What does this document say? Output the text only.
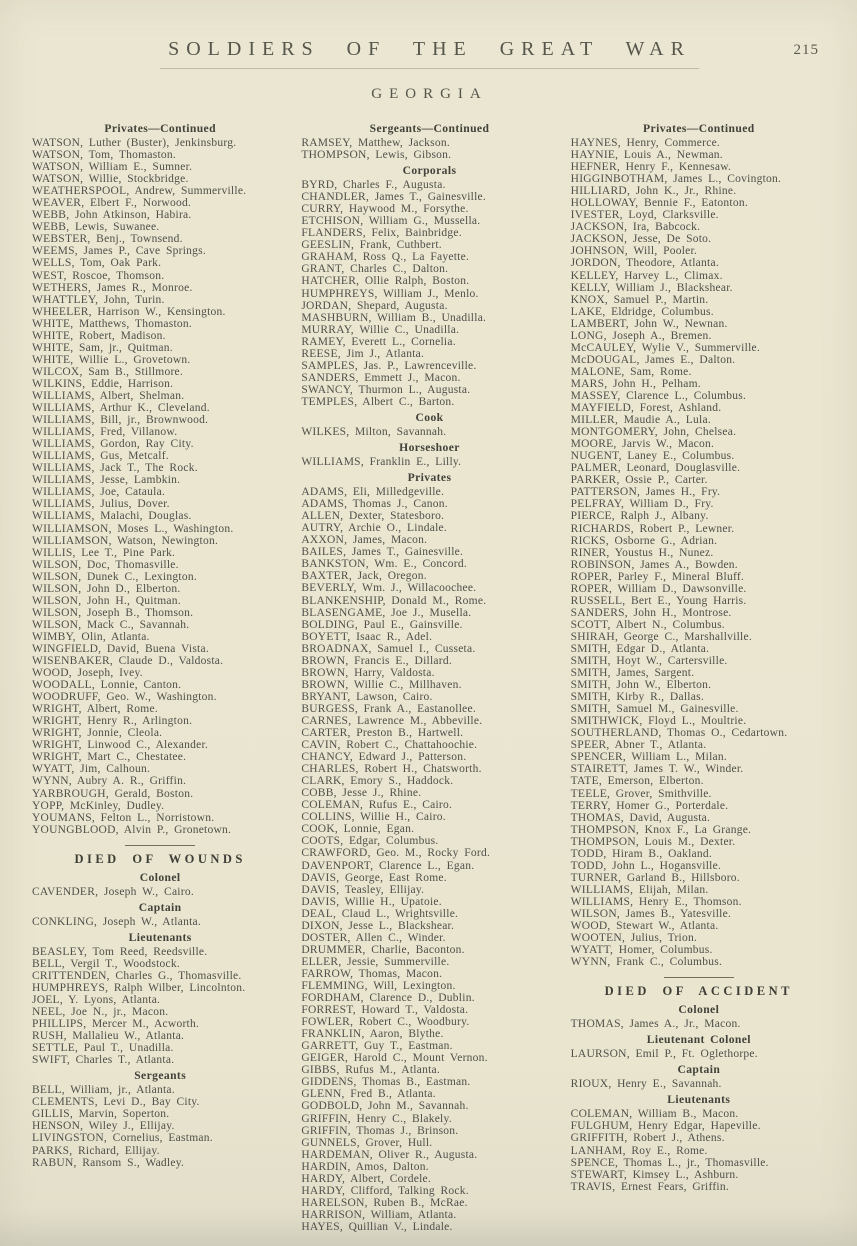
SOLDIERS OF THE GREAT WAR	215
GEORGIA
Privates—Continued
WATSON, Luther (Buster), Jenkinsburg.
WATSON, Tom, Thomaston.
WATSON, William E., Sumner.
WATSON, Willie, Stockbridge.
WEATHERSPOOL, Andrew, Summerville.
WEAVER, Elbert F., Norwood.
WEBB, John Atkinson, Habira.
WEBB, Lewis, Suwanee.
WEBSTER, Benj., Townsend.
WEEMS, James P., Cave Springs.
WELLS, Tom, Oak Park.
WEST, Roscoe, Thomson.
WETHERS, James R., Monroe.
WHATTLEY, John, Turin.
WHEELER, Harrison W., Kensington.
WHITE, Matthews, Thomaston.
WHITE, Robert, Madison.
WHITE, Sam, jr., Quitman.
WHITE, Willie L., Grovetown.
WILCOX, Sam B., Stillmore.
WILKINS, Eddie, Harrison.
WILLIAMS, Albert, Shelman.
WILLIAMS, Arthur K., Cleveland.
WILLIAMS, Bill, jr., Brownwood.
WILLIAMS, Fred, Villanow.
WILLIAMS, Gordon, Ray City.
WILLIAMS, Gus, Metcalf.
WILLIAMS, Jack T., The Rock.
WILLIAMS, Jesse, Lambkin.
WILLIAMS, Joe, Cataula.
WILLIAMS, Julius, Dover.
WILLIAMS, Malachi, Douglas.
WILLIAMSON, Moses L., Washington.
WILLIAMSON, Watson, Newington.
WILLIS, Lee T., Pine Park.
WILSON, Doc, Thomasville.
WILSON, Dunek C., Lexington.
WILSON, John D., Elberton.
WILSON, John H., Quitman.
WILSON, Joseph B., Thomson.
WILSON, Mack C., Savannah.
WIMBY, Olin, Atlanta.
WINGFIELD, David, Buena Vista.
WISENBAKER, Claude D., Valdosta.
WOOD, Joseph, Ivey.
WOODALL, Lonnie, Canton.
WOODRUFF, Geo. W., Washington.
WRIGHT, Albert, Rome.
WRIGHT, Henry R., Arlington.
WRIGHT, Jonnie, Cleola.
WRIGHT, Linwood C., Alexander.
WRIGHT, Mart C., Chestatee.
WYATT, Jim, Calhoun.
WYNN, Aubry A. R., Griffin.
YARBROUGH, Gerald, Boston.
YOPP, McKinley, Dudley.
YOUMANS, Felton L., Norristown.
YOUNGBLOOD, Alvin P., Gronetown.
DIED OF WOUNDS
Colonel
CAVENDER, Joseph W., Cairo.
Captain
CONKLING, Joseph W., Atlanta.
Lieutenants
BEASLEY, Tom Reed, Reedsville.
BELL, Vergil T., Woodstock.
CRITTENDEN, Charles G., Thomasville.
HUMPHREYS, Ralph Wilber, Lincolnton.
JOEL, Y. Lyons, Atlanta.
NEEL, Joe N., jr., Macon.
PHILLIPS, Mercer M., Acworth.
RUSH, Mallalieu W., Atlanta.
SETTLE, Paul T., Unadilla.
SWIFT, Charles T., Atlanta.
Sergeants
BELL, William, jr., Atlanta.
CLEMENTS, Levi D., Bay City.
GILLIS, Marvin, Soperton.
HENSON, Wiley J., Ellijay.
LIVINGSTON, Cornelius, Eastman.
PARKS, Richard, Ellijay.
RABUN, Ransom S., Wadley.
Sergeants—Continued
RAMSEY, Matthew, Jackson.
THOMPSON, Lewis, Gibson.
Corporals
BYRD, Charles F., Augusta.
CHANDLER, James T., Gainesville.
CURRY, Haywood M., Forsythe.
ETCHISON, William G., Mussella.
FLANDERS, Felix, Bainbridge.
GEESLIN, Frank, Cuthbert.
GRAHAM, Ross Q., La Fayette.
GRANT, Charles C., Dalton.
HATCHER, Ollie Ralph, Boston.
HUMPHREYS, William J., Menlo.
JORDAN, Shepard, Augusta.
MASHBURN, William B., Unadilla.
MURRAY, Willie C., Unadilla.
RAMEY, Everett L., Cornelia.
REESE, Jim J., Atlanta.
SAMPLES, Jas. P., Lawrenceville.
SANDERS, Emmett J., Macon.
SWANCY, Thurmon L., Augusta.
TEMPLES, Albert C., Barton.
Cook
WILKES, Milton, Savannah.
Horseshoer
WILLIAMS, Franklin E., Lilly.
Privates
ADAMS, Eli, Milledgeville.
ADAMS, Thomas J., Canon.
ALLEN, Dexter, Statesboro.
AUTRY, Archie O., Lindale.
AXXON, James, Macon.
BAILES, James T., Gainesville.
BANKSTON, Wm. E., Concord.
BAXTER, Jack, Oregon.
BEVERLY, Wm. J., Willacoochee.
BLANKENSHIP, Donald M., Rome.
BLASENGAME, Joe J., Musella.
BOLDING, Paul E., Gainsville.
BOYETT, Isaac R., Adel.
BROADNAX, Samuel I., Cusseta.
BROWN, Francis E., Dillard.
BROWN, Harry, Valdosta.
BROWN, Willie C., Millhaven.
BRYANT, Lawson, Cairo.
BURGESS, Frank A., Eastanollee.
CARNES, Lawrence M., Abbeville.
CARTER, Preston B., Hartwell.
CAVIN, Robert C., Chattahoochie.
CHANCY, Edward J., Patterson.
CHARLES, Robert H., Chatsworth.
CLARK, Emory S., Haddock.
COBB, Jesse J., Rhine.
COLEMAN, Rufus E., Cairo.
COLLINS, Willie H., Cairo.
COOK, Lonnie, Egan.
COOTS, Edgar, Columbus.
CRAWFORD, Geo. M., Rocky Ford.
DAVENPORT, Clarence L., Egan.
DAVIS, George, East Rome.
DAVIS, Teasley, Ellijay.
DAVIS, Willie H., Upatoie.
DEAL, Claud L., Wrightsville.
DIXON, Jesse L., Blackshear.
DOSTER, Allen C., Winder.
DRUMMER, Charlie, Baconton.
ELLER, Jessie, Summerville.
FARROW, Thomas, Macon.
FLEMMING, Will, Lexington.
FORDHAM, Clarence D., Dublin.
FORREST, Howard T., Valdosta.
FOWLER, Robert C., Woodbury.
FRANKLIN, Aaron, Blythe.
GARRETT, Guy T., Eastman.
GEIGER, Harold C., Mount Vernon.
GIBBS, Rufus M., Atlanta.
GIDDENS, Thomas B., Eastman.
GLENN, Fred B., Atlanta.
GODBOLD, John M., Savannah.
GRIFFIN, Henry C., Blakely.
GRIFFIN, Thomas J., Brinson.
GUNNELS, Grover, Hull.
HARDEMAN, Oliver R., Augusta.
HARDIN, Amos, Dalton.
HARDY, Albert, Cordele.
HARDY, Clifford, Talking Rock.
HARELSON, Ruben B., McRae.
HARRISON, William, Atlanta.
HAYES, Quillian V., Lindale.
Privates—Continued
HAYNES, Henry, Commerce.
HAYNIE, Louis A., Newman.
HEFNER, Henry F., Kennesaw.
HIGGINBOTHAM, James L., Covington.
HILLIARD, John K., Jr., Rhine.
HOLLOWAY, Bennie F., Eatonton.
IVESTER, Loyd, Clarksville.
JACKSON, Ira, Babcock.
JACKSON, Jesse, De Soto.
JOHNSON, Will, Pooler.
JORDON, Theodore, Atlanta.
KELLEY, Harvey L., Climax.
KELLY, William J., Blackshear.
KNOX, Samuel P., Martin.
LAKE, Eldridge, Columbus.
LAMBERT, John W., Newnan.
LONG, Joseph A., Bremen.
McCAULEY, Wylie V., Summerville.
McDOUGAL, James E., Dalton.
MALONE, Sam, Rome.
MARS, John H., Pelham.
MASSEY, Clarence L., Columbus.
MAYFIELD, Forest, Ashland.
MILLER, Maudie A., Lula.
MONTGOMERY, John, Chelsea.
MOORE, Jarvis W., Macon.
NUGENT, Laney E., Columbus.
PALMER, Leonard, Douglasville.
PARKER, Ossie P., Carter.
PATTERSON, James H., Fry.
PELFRAY, William D., Fry.
PIERCE, Ralph J., Albany.
RICHARDS, Robert P., Lewner.
RICKS, Osborne G., Adrian.
RINER, Youstus H., Nunez.
ROBINSON, James A., Bowden.
ROPER, Parley F., Mineral Bluff.
ROPER, William D., Dawsonville.
RUSSELL, Bert E., Young Harris.
SANDERS, John H., Montrose.
SCOTT, Albert N., Columbus.
SHIRAH, George C., Marshallville.
SMITH, Edgar D., Atlanta.
SMITH, Hoyt W., Cartersville.
SMITH, James, Sargent.
SMITH, John W., Elberton.
SMITH, Kirby R., Dallas.
SMITH, Samuel M., Gainesville.
SMITHWICK, Floyd L., Moultrie.
SOUTHERLAND, Thomas O., Cedartown.
SPEER, Abner T., Atlanta.
SPENCER, William L., Milan.
STAIRETT, James T. W., Winder.
TATE, Emerson, Elberton.
TEELE, Grover, Smithville.
TERRY, Homer G., Porterdale.
THOMAS, David, Augusta.
THOMPSON, Knox F., La Grange.
THOMPSON, Louis M., Dexter.
TODD, Hiram B., Oakland.
TODD, John L., Hogansville.
TURNER, Garland B., Hillsboro.
WILLIAMS, Elijah, Milan.
WILLIAMS, Henry E., Thomson.
WILSON, James B., Yatesville.
WOOD, Stewart W., Atlanta.
WOOTEN, Julius, Trion.
WYATT, Homer, Columbus.
WYNN, Frank C., Columbus.
DIED OF ACCIDENT
Colonel
THOMAS, James A., Jr., Macon.
Lieutenant Colonel
LAURSON, Emil P., Ft. Oglethorpe.
Captain
RIOUX, Henry E., Savannah.
Lieutenants
COLEMAN, William B., Macon.
FULGHUM, Henry Edgar, Hapeville.
GRIFFITH, Robert J., Athens.
LANHAM, Roy E., Rome.
SPENCE, Thomas L., jr., Thomasville.
STEWART, Kimsey L., Ashburn.
TRAVIS, Ernest Fears, Griffin.
